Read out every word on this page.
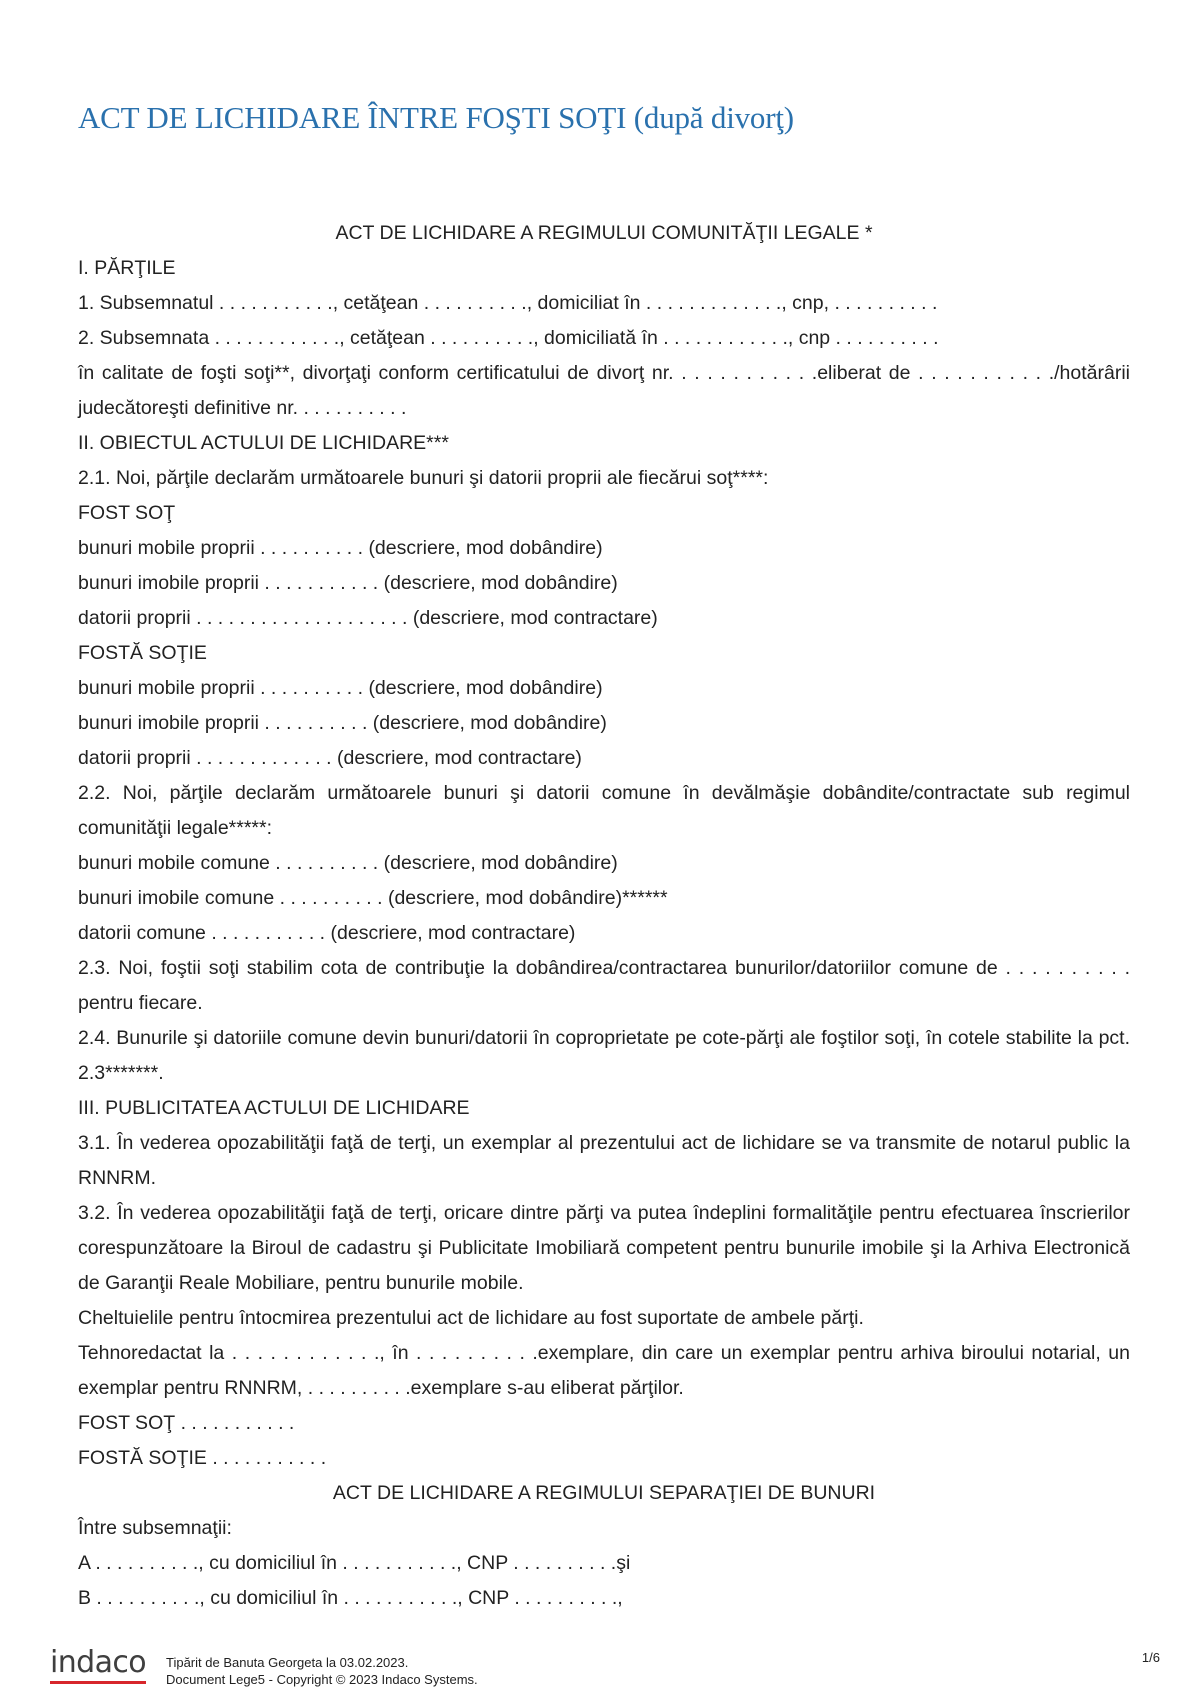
ACT DE LICHIDARE ÎNTRE FOŞTI SOŢI (după divorţ)

ACT DE LICHIDARE A REGIMULUI COMUNITĂŢII LEGALE *

I. PĂRŢILE

1. Subsemnatul . . . . . . . . . . ., cetăţean . . . . . . . . . ., domiciliat în . . . . . . . . . . . . ., cnp, . . . . . . . . . .

2. Subsemnata . . . . . . . . . . . ., cetăţean . . . . . . . . . ., domiciliată în . . . . . . . . . . . ., cnp . . . . . . . . . .

în calitate de foşti soţi**, divorţaţi conform certificatului de divorţ nr. . . . . . . . . . . .eliberat de . . . . . . . . . . ./hotărârii judecătoreşti definitive nr. . . . . . . . . . .

II. OBIECTUL ACTULUI DE LICHIDARE***

2.1. Noi, părţile declarăm următoarele bunuri şi datorii proprii ale fiecărui soţ****:

FOST SOŢ

bunuri mobile proprii . . . . . . . . . . (descriere, mod dobândire)

bunuri imobile proprii . . . . . . . . . . . (descriere, mod dobândire)

datorii proprii . . . . . . . . . . . . . . . . . . . . (descriere, mod contractare)

FOSTĂ SOŢIE

bunuri mobile proprii . . . . . . . . . . (descriere, mod dobândire)

bunuri imobile proprii . . . . . . . . . . (descriere, mod dobândire)

datorii proprii . . . . . . . . . . . . . (descriere, mod contractare)

2.2. Noi, părţile declarăm următoarele bunuri şi datorii comune în devălmăşie dobândite/contractate sub regimul comunităţii legale*****:

bunuri mobile comune . . . . . . . . . . (descriere, mod dobândire)

bunuri imobile comune . . . . . . . . . . (descriere, mod dobândire)******

datorii comune . . . . . . . . . . . (descriere, mod contractare)

2.3. Noi, foştii soţi stabilim cota de contribuţie la dobândirea/contractarea bunurilor/datoriilor comune de . . . . . . . . . . pentru fiecare.

2.4. Bunurile şi datoriile comune devin bunuri/datorii în coproprietate pe cote-părţi ale foştilor soţi, în cotele stabilite la pct. 2.3*******.

III. PUBLICITATEA ACTULUI DE LICHIDARE

3.1. În vederea opozabilităţii faţă de terţi, un exemplar al prezentului act de lichidare se va transmite de notarul public la RNNRM.

3.2. În vederea opozabilităţii faţă de terţi, oricare dintre părţi va putea îndeplini formalităţile pentru efectuarea înscrierilor corespunzătoare la Biroul de cadastru şi Publicitate Imobiliară competent pentru bunurile imobile şi la Arhiva Electronică de Garanţii Reale Mobiliare, pentru bunurile mobile.

Cheltuielile pentru întocmirea prezentului act de lichidare au fost suportate de ambele părţi.

Tehnoredactat la . . . . . . . . . . . ., în . . . . . . . . . .exemplare, din care un exemplar pentru arhiva biroului notarial, un exemplar pentru RNNRM, . . . . . . . . . .exemplare s-au eliberat părţilor.

FOST SOŢ . . . . . . . . . . .

FOSTĂ SOŢIE . . . . . . . . . . .

ACT DE LICHIDARE A REGIMULUI SEPARAŢIEI DE BUNURI

Între subsemnaţii:

A . . . . . . . . . ., cu domiciliul în . . . . . . . . . . ., CNP . . . . . . . . . .şi

B . . . . . . . . . ., cu domiciliul în . . . . . . . . . . ., CNP . . . . . . . . . .,

indaco Tipărit de Banuta Georgeta la 03.02.2023.

Document Lege5 - Copyright © 2023 Indaco Systems.

1/6
